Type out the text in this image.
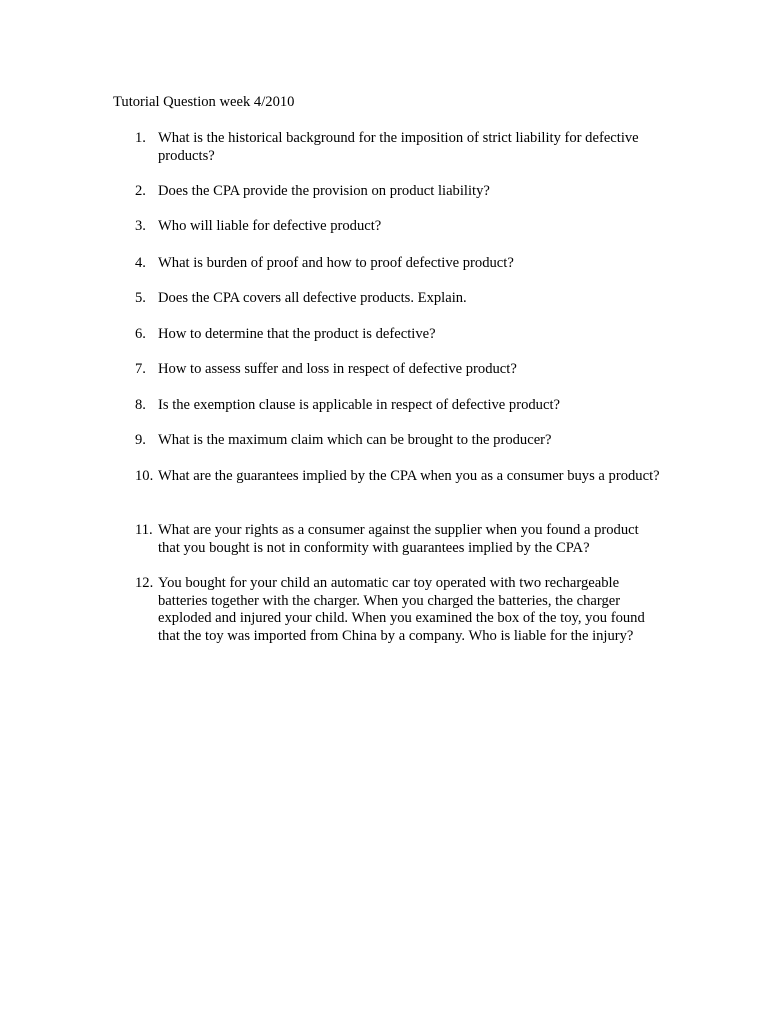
Tutorial Question week 4/2010
1. What is the historical background for the imposition of strict liability for defective products?
2. Does the CPA provide the provision on product liability?
3. Who will liable for defective product?
4. What is burden of proof and how to proof defective product?
5. Does the CPA covers all defective products. Explain.
6. How to determine that the product is defective?
7. How to assess suffer and loss in respect of defective product?
8. Is the exemption clause is applicable in respect of defective product?
9. What is the maximum claim which can be brought to the producer?
10. What are the guarantees implied by the CPA when you as a consumer buys a product?
11. What are your rights as a consumer against the supplier when you found a product that you bought is not in conformity with guarantees implied by the CPA?
12. You bought for your child an automatic car toy operated with two rechargeable batteries together with the charger. When you charged the batteries, the charger exploded and injured your child. When you examined the box of the toy, you found that the toy was imported from China by a company. Who is liable for the injury?
